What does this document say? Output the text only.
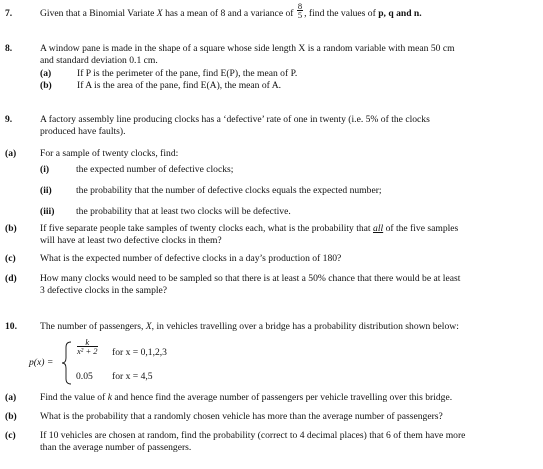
7.	Given that a Binomial Variate X has a mean of 8 and a variance of $\frac{8}{5}$ , find the values of p, q and n.
8.	A window pane is made in the shape of a square whose side length X is a random variable with mean 50 cm
and standard deviation 0.1 cm.
(a)	If P is the perimeter of the pane, find E(P), the mean of P.
(b)	If A is the area of the pane, find E(A), the mean of A.
9.	A factory assembly line producing clocks has a ‘defective’ rate of one in twenty (i.e. 5% of the clocks
produced have faults).
(a) For a sample of twenty clocks, find:
(i)	the expected number of defective clocks;
(ii)	the probability that the number of defective clocks equals the expected number;
(iii) the probability that at least two clocks will be defective.
(b) If five separate people take samples of twenty clocks each, what is the probability that all of the five samples
will have at least two defective clocks in them?
(c)	What is the expected number of defective clocks in a day’s production of 180?
(d) How many clocks would need to be sampled so that there is at least a 50% chance that there would be at least
3 defective clocks in the sample?
10. The number of passengers, X, in vehicles travelling over a bridge has a probability distribution shown below:
p(x) =
$\frac{k}{\text{x² + 2}}$ for x = 0,1,2,3
0.05 for x = 4,5
(a) Find the value of k and hence find the average number of passengers per vehicle travelling over this bridge.
(b) What is the probability that a randomly chosen vehicle has more than the average number of passengers?
(c)	If 10 vehicles are chosen at random, find the probability (correct to 4 decimal places) that 6 of them have more
than the average number of passengers.
